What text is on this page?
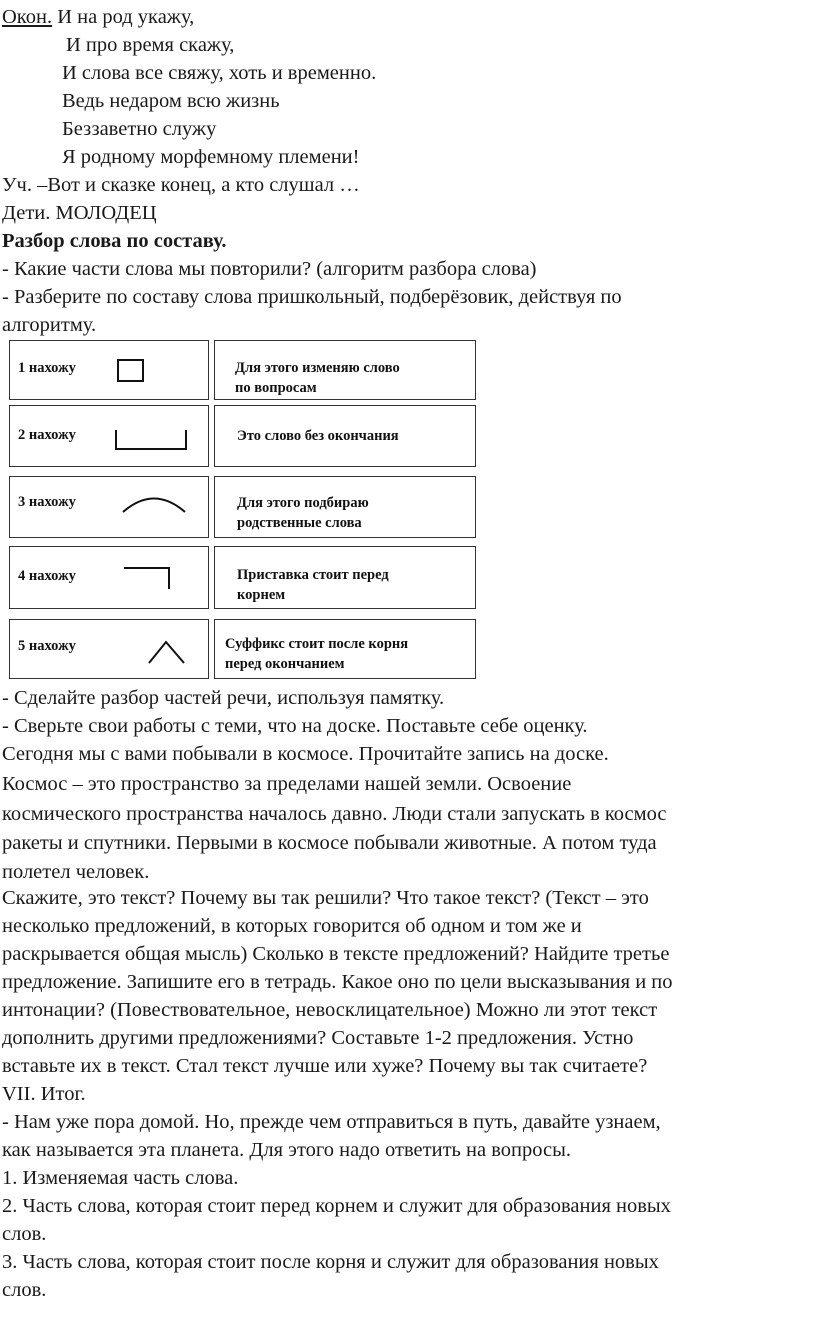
Окон. И на род укажу,
И про время скажу,
И слова все свяжу, хоть и временно.
Ведь недаром всю жизнь
Беззаветно служу
Я родному морфемному племени!
Уч. –Вот и сказке конец, а кто слушал …
Дети. МОЛОДЕЦ
Разбор слова по составу.
- Какие части слова мы повторили? (алгоритм разбора слова)
- Разберите по составу слова пришкольный, подберёзовик, действуя по
алгоритму.
1 нахожу	Для этого изменяю слово
по вопросам
2 нахожу	Это слово без окончания
3 нахожу	Для этого подбираю
родственные слова
4 нахожу	Приставка стоит перед
корнем
5 нахожу	Суффикс стоит после корня
перед окончанием
- Сделайте разбор частей речи, используя памятку.
- Сверьте свои работы с теми, что на доске. Поставьте себе оценку.
Сегодня мы с вами побывали в космосе. Прочитайте запись на доске.
Космос – это пространство за пределами нашей земли. Освоение
космического пространства началось давно. Люди стали запускать в космос
ракеты и спутники. Первыми в космосе побывали животные. А потом туда
полетел человек.
Скажите, это текст? Почему вы так решили? Что такое текст? (Текст – это
несколько предложений, в которых говорится об одном и том же и
раскрывается общая мысль) Сколько в тексте предложений? Найдите третье
предложение. Запишите его в тетрадь. Какое оно по цели высказывания и по
интонации? (Повествовательное, невосклицательное) Можно ли этот текст
дополнить другими предложениями? Составьте 1-2 предложения. Устно
вставьте их в текст. Стал текст лучше или хуже? Почему вы так считаете?
VII. Итог.
- Нам уже пора домой. Но, прежде чем отправиться в путь, давайте узнаем,
как называется эта планета. Для этого надо ответить на вопросы.
1. Изменяемая часть слова.
2. Часть слова, которая стоит перед корнем и служит для образования новых
слов.
3. Часть слова, которая стоит после корня и служит для образования новых
слов.
